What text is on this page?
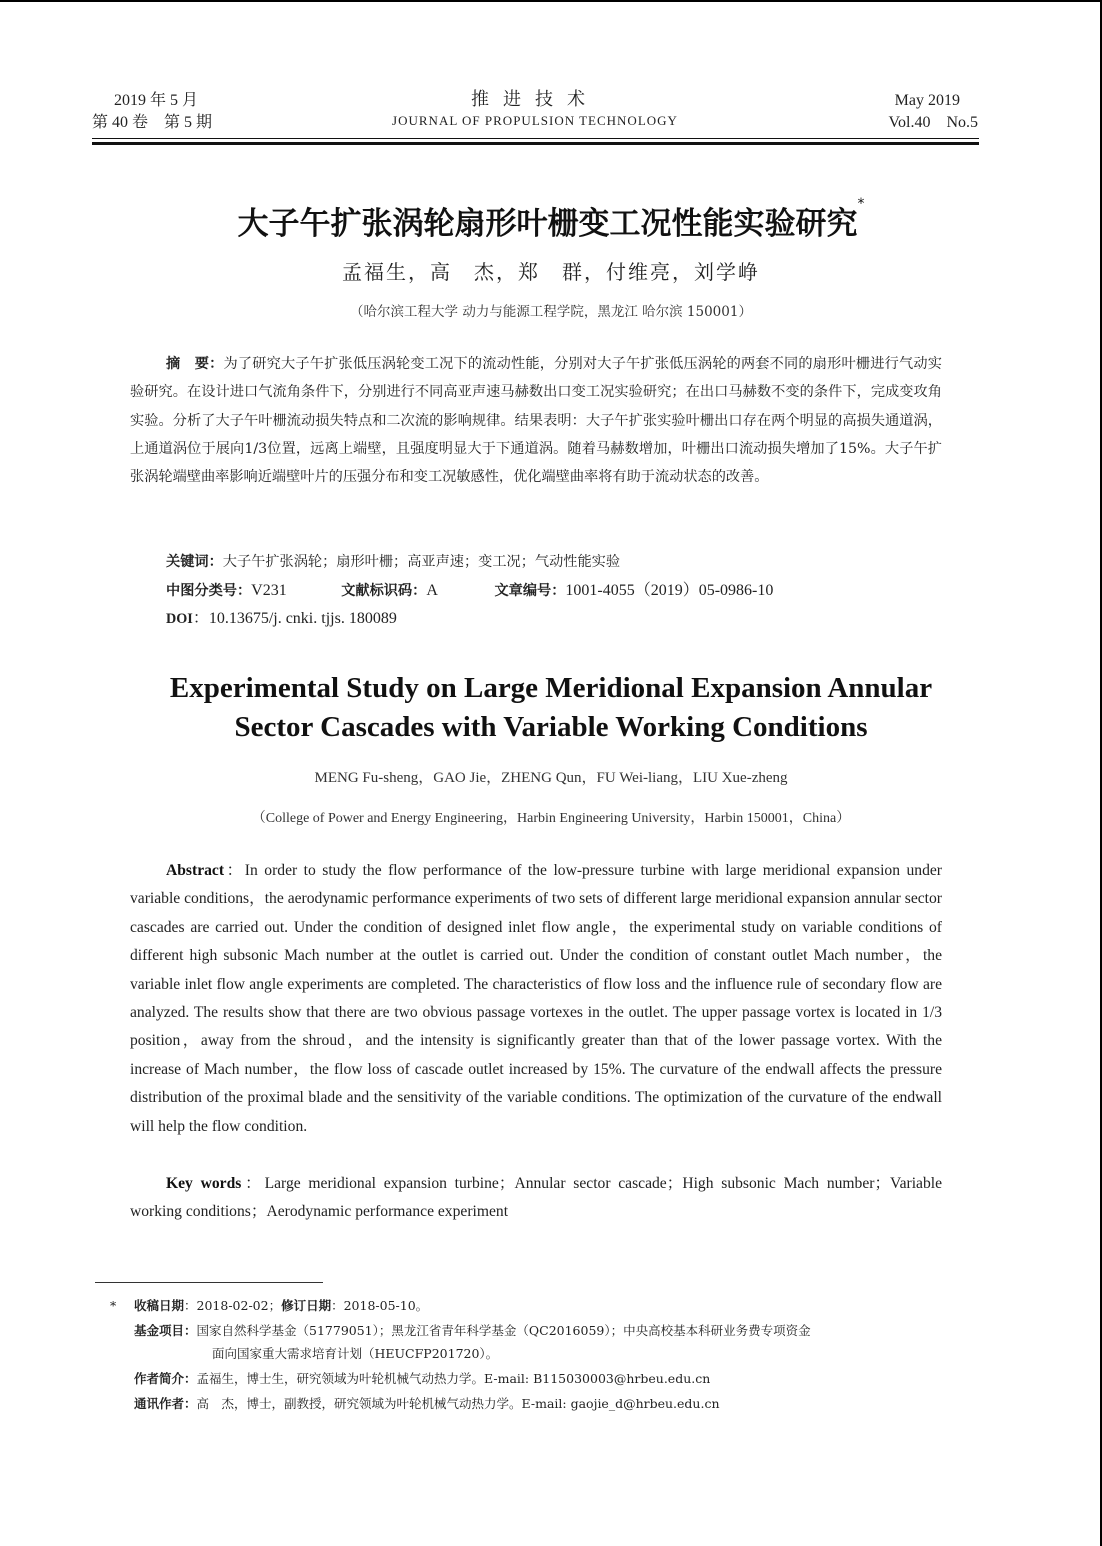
2019 年 5 月
第 40 卷　第 5 期
推进技术
JOURNAL OF PROPULSION TECHNOLOGY
May 2019
Vol.40　No.5
大子午扩张涡轮扇形叶栅变工况性能实验研究*
孟福生，高　杰，郑　群，付维亮，刘学峥
（哈尔滨工程大学 动力与能源工程学院，黑龙江 哈尔滨 150001）
摘　要：为了研究大子午扩张低压涡轮变工况下的流动性能，分别对大子午扩张低压涡轮的两套不同的扇形叶栅进行气动实验研究。在设计进口气流角条件下，分别进行不同高亚声速马赫数出口变工况实验研究；在出口马赫数不变的条件下，完成变攻角实验。分析了大子午叶栅流动损失特点和二次流的影响规律。结果表明：大子午扩张实验叶栅出口存在两个明显的高损失通道涡，上通道涡位于展向1/3位置，远离上端壁，且强度明显大于下通道涡。随着马赫数增加，叶栅出口流动损失增加了15%。大子午扩张涡轮端壁曲率影响近端壁叶片的压强分布和变工况敏感性，优化端壁曲率将有助于流动状态的改善。
关键词：大子午扩张涡轮；扇形叶栅；高亚声速；变工况；气动性能实验
中图分类号：V231	文献标识码：A	文章编号：1001-4055（2019）05-0986-10
DOI：10.13675/j. cnki. tjjs. 180089
Experimental Study on Large Meridional Expansion Annular
Sector Cascades with Variable Working Conditions
MENG Fu-sheng，GAO Jie，ZHENG Qun，FU Wei-liang，LIU Xue-zheng
（College of Power and Energy Engineering，Harbin Engineering University，Harbin 150001，China）
Abstract：In order to study the flow performance of the low-pressure turbine with large meridional expansion under variable conditions，the aerodynamic performance experiments of two sets of different large meridional expansion annular sector cascades are carried out. Under the condition of designed inlet flow angle，the experimental study on variable conditions of different high subsonic Mach number at the outlet is carried out. Under the condition of constant outlet Mach number，the variable inlet flow angle experiments are completed. The characteristics of flow loss and the influence rule of secondary flow are analyzed. The results show that there are two obvious passage vortexes in the outlet. The upper passage vortex is located in 1/3 position，away from the shroud，and the intensity is significantly greater than that of the lower passage vortex. With the increase of Mach number，the flow loss of cascade outlet increased by 15%. The curvature of the endwall affects the pressure distribution of the proximal blade and the sensitivity of the variable conditions. The optimization of the curvature of the endwall will help the flow condition.
Key words：Large meridional expansion turbine；Annular sector cascade；High subsonic Mach number；Variable working conditions；Aerodynamic performance experiment
* 收稿日期：2018-02-02；修订日期：2018-05-10。
基金项目：国家自然科学基金（51779051）；黑龙江省青年科学基金（QC2016059）；中央高校基本科研业务费专项资金
面向国家重大需求培育计划（HEUCFP201720）。
作者简介：孟福生，博士生，研究领域为叶轮机械气动热力学。E-mail: B115030003@hrbeu.edu.cn
通讯作者：高　杰，博士，副教授，研究领域为叶轮机械气动热力学。E-mail: gaojie_d@hrbeu.edu.cn
